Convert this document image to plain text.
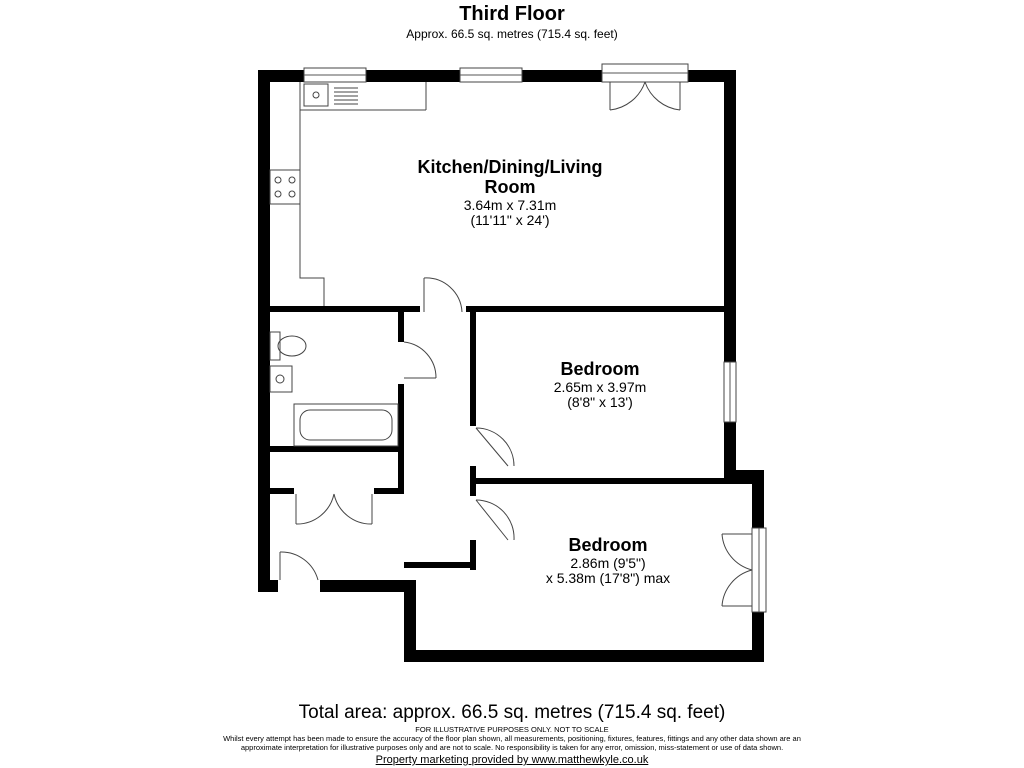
Third Floor
Approx. 66.5 sq. metres (715.4 sq. feet)
Kitchen/Dining/Living
Room
3.64m x 7.31m
(11'11" x 24')
Bedroom
2.65m x 3.97m
(8'8" x 13')
Bedroom
2.86m (9'5")
x 5.38m (17'8") max
Total area: approx. 66.5 sq. metres (715.4 sq. feet)
FOR ILLUSTRATIVE PURPOSES ONLY. NOT TO SCALE
Whilst every attempt has been made to ensure the accuracy of the floor plan shown, all measurements, positioning, fixtures, features, fittings and any other data shown are an
approximate interpretation for illustrative purposes only and are not to scale. No responsibility is taken for any error, omission, miss-statement or use of data shown.
Property marketing provided by www.matthewkyle.co.uk
